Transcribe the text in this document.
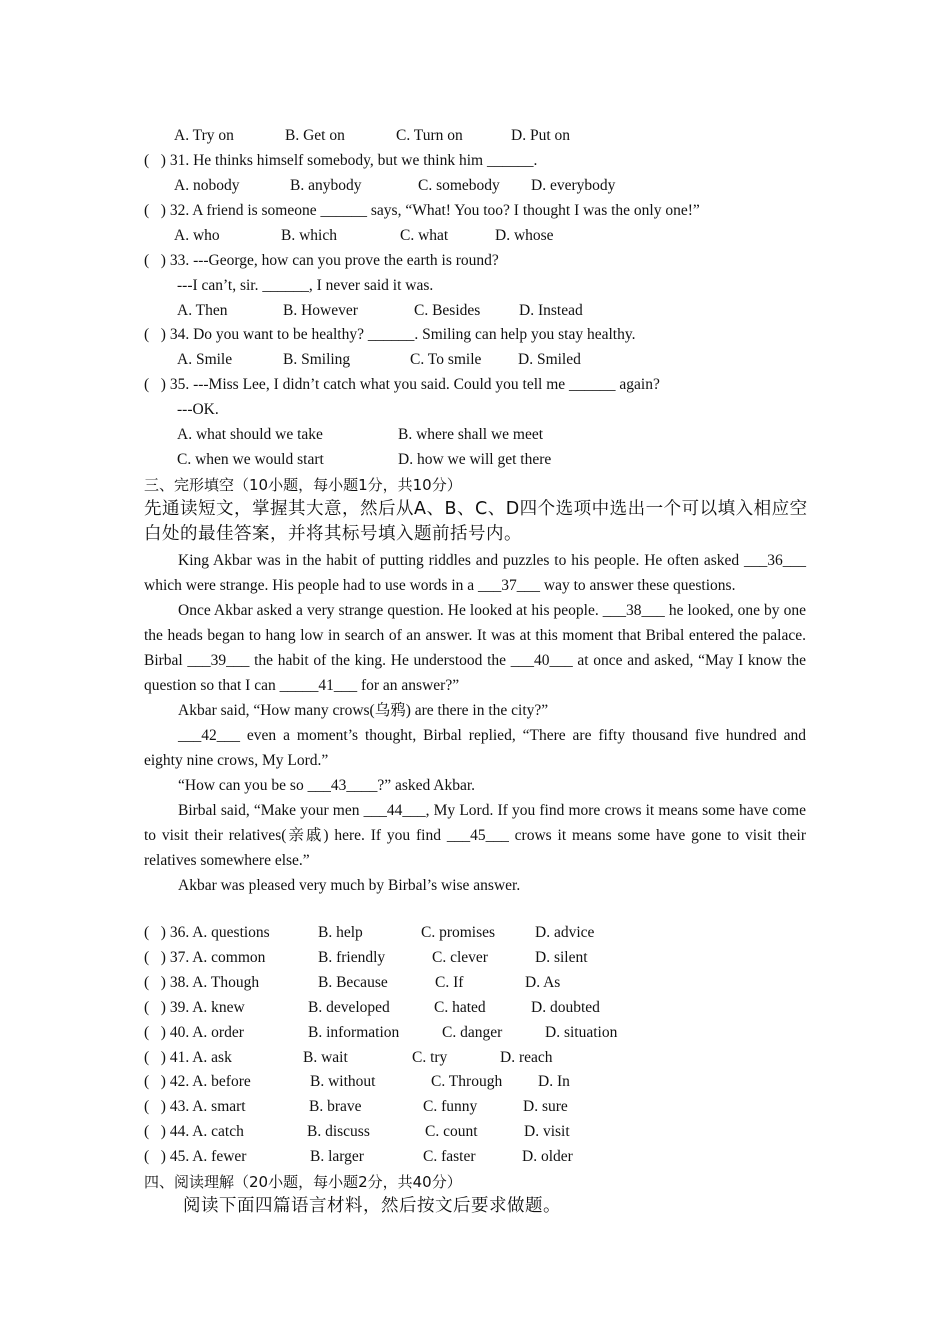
A. Try on	B. Get on	C. Turn on	D. Put on
(   ) 31. He thinks himself somebody, but we think him ______.
A. nobody	B. anybody	C. somebody D. everybody
(   ) 32. A friend is someone ______ says, “What! You too? I thought I was the only one!”
A. who	B. which	C. what	D. whose
(   ) 33. ---George, how can you prove the earth is round?
---I can’t, sir. ______, I never said it was.
A. Then	B. However	C. Besides D. Instead
(   ) 34. Do you want to be healthy? ______. Smiling can help you stay healthy.
A. Smile	B. Smiling	C. To smile D. Smiled
(   ) 35. ---Miss Lee, I didn’t catch what you said. Could you tell me ______ again?
---OK.
A. what should we take	B. where shall we meet
C. when we would start	D. how we will get there
三、完形填空（10小题，每小题1分，共10分）
先通读短文，掌握其大意，然后从A、B、C、D四个选项中选出一个可以填入相应空白处的最佳答案，并将其标号填入题前括号内。

King Akbar was in the habit of putting riddles and puzzles to his people. He often asked ___36___ which were strange. His people had to use words in a ___37___ way to answer these questions.

Once Akbar asked a very strange question. He looked at his people. ___38___ he looked, one by one the heads began to hang low in search of an answer. It was at this moment that Bribal entered the palace. Birbal ___39___ the habit of the king. He understood the ___40___ at once and asked, “May I know the question so that I can _____41___ for an answer?”

Akbar said, “How many crows(乌鸦) are there in the city?”

___42___ even a moment’s thought, Birbal replied, “There are fifty thousand five hundred and eighty nine crows, My Lord.”

“How can you be so ___43____?” asked Akbar.

Birbal said, “Make your men ___44___, My Lord. If you find more crows it means some have come to visit their relatives(亲戚) here. If you find ___45___ crows it means some have gone to visit their relatives somewhere else.”

Akbar was pleased very much by Birbal’s wise answer.

(   ) 36. A. questions	B. help	C. promises	D. advice
(   ) 37. A. common	B. friendly	C. clever	D. silent
(   ) 38. A. Though	B. Because	C. If	D. As
(   ) 39. A. knew	B. developed	C. hated	D. doubted
(   ) 40. A. order	B. information	C. danger	D. situation
(   ) 41. A. ask	B. wait	C. try	D. reach
(   ) 42. A. before	B. without	C. Through D. In
(   ) 43. A. smart	B. brave	C. funny	D. sure
(   ) 44. A. catch	B. discuss	C. count	D. visit
(   ) 45. A. fewer	B. larger	C. faster	D. older
四、阅读理解（20小题，每小题2分，共40分）
阅读下面四篇语言材料，然后按文后要求做题。
